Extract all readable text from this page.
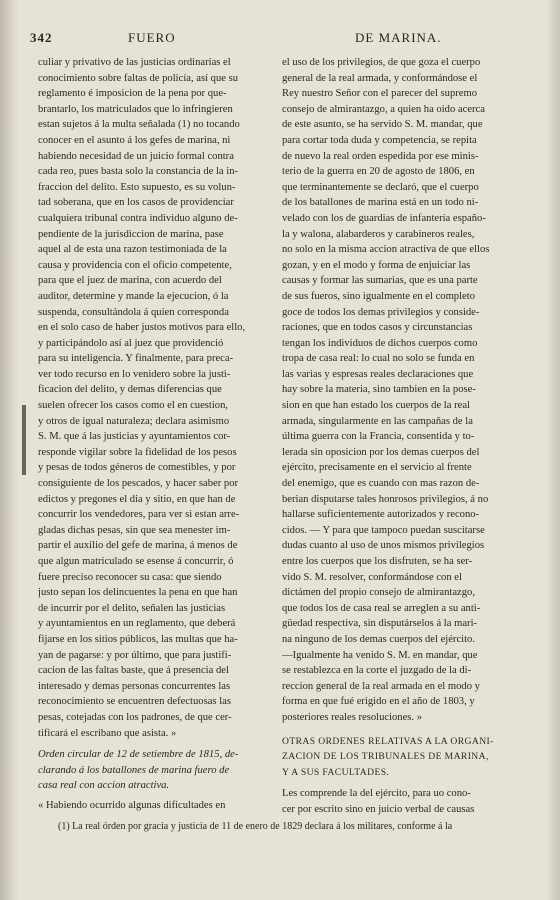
342	FUERO	DE MARINA.
culiar y privativo de las justicias ordinarias el
conocimiento sobre faltas de policía, así que su
reglamento é imposicion de la pena por que-
brantarlo, los matriculados que lo infringieren
estan sujetos á la multa señalada (1) no tocando
conocer en el asunto á los gefes de marina, ni
habiendo necesidad de un juicio formal contra
cada reo, pues basta solo la constancia de la in-
fraccion del delito. Esto supuesto, es su volun-
tad soberana, que en los casos de providenciar
cualquiera tribunal contra individuo alguno de-
pendiente de la jurisdiccion de marina, pase
aquel al de esta una razon testimoniada de la
causa y providencia con el oficio competente,
para que el juez de marina, con acuerdo del
auditor, determine y mande la ejecucion, ó la
suspenda, consultándola á quien corresponda
en el solo caso de haber justos motivos para ello,
y participándolo así al juez que providenció
para su inteligencia. Y finalmente, para preca-
ver todo recurso en lo venidero sobre la justi-
ficacion del delito, y demas diferencias que
suelen ofrecer los casos como el en cuestion,
y otros de igual naturaleza; declara asimismo
S. M. que á las justicias y ayuntamientos cor-
responde vigilar sobre la fidelidad de los pesos
y pesas de todos géneros de comestibles, y por
consiguiente de los pescados, y hacer saber por
edictos y pregones el dia y sitio, en que han de
concurrir los vendedores, para ver si estan arre-
gladas dichas pesas, sin que sea menester im-
partir el auxilio del gefe de marina, á menos de
que algun matriculado se esense á concurrir, ó
fuere preciso reconocer su casa: que siendo
justo sepan los delincuentes la pena en que han
de incurrir por el delito, señalen las justicias
y ayuntamientos en un reglamento, que deberá
fijarse en los sitios públicos, las multas que ha-
yan de pagarse: y por último, que para justifi-
cacion de las faltas baste, que á presencia del
interesado y demas personas concurrentes las
reconocimiento se encuentren defectuosas las
pesas, cotejadas con los padrones, de que cer-
tificará el escribano que asista. »
Orden circular de 12 de setiembre de 1815, de-
clarando á los batallones de marina fuero de
casa real con accion atractiva.
« Habiendo ocurrido algunas dificultades en
el uso de los privilegios, de que goza el cuerpo
general de la real armada, y conformándose el
Rey nuestro Señor con el parecer del supremo
consejo de almirantazgo, a quien ha oido acerca
de este asunto, se ha servido S. M. mandar, que
para cortar toda duda y competencia, se repita
de nuevo la real orden espedida por ese minis-
terio de la guerra en 20 de agosto de 1806, en
que terminantemente se declaró, que el cuerpo
de los batallones de marina está en un todo ni-
velado con los de guardias de infantería españo-
la y walona, alabarderos y carabineros reales,
no solo en la misma accion atractiva de que ellos
gozan, y en el modo y forma de enjuiciar las
causas y formar las sumarias, que es una parte
de sus fueros, sino igualmente en el completo
goce de todos los demas privilegios y conside-
raciones, que en todos casos y circunstancias
tengan los individuos de dichos cuerpos como
tropa de casa real: lo cual no solo se funda en
las varias y espresas reales declaraciones que
hay sobre la materia, sino tambien en la pose-
sion en que han estado los cuerpos de la real
armada, singularmente en las campañas de la
última guerra con la Francia, consentida y to-
lerada sin oposicion por los demas cuerpos del
ejército, precisamente en el servicio al frente
del enemigo, que es cuando con mas razon de-
berian disputarse tales honrosos privilegios, á no
hallarse suficientemente autorizados y recono-
cidos. — Y para que tampoco puedan suscitarse
dudas cuanto al uso de unos mismos privilegios
entre los cuerpos que los disfruten, se ha ser-
vido S. M. resolver, conformándose con el
dictámen del propio consejo de almirantazgo,
que todos los de casa real se arreglen a su anti-
güedad respectiva, sin disputárselos á la mari-
na ninguno de los demas cuerpos del ejército.
—Igualmente ha venido S. M. en mandar, que
se restablezca en la corte el juzgado de la di-
reccion general de la real armada en el modo y
forma en que fué erigido en el año de 1803, y
posteriores reales resoluciones. »
OTRAS ORDENES RELATIVAS A LA ORGANI-
ZACION DE LOS TRIBUNALES DE MARINA,
Y A SUS FACULTADES.
Les comprende la del ejército, para uo cono-
cer por escrito sino en juicio verbal de causas
(1) La real órden por gracia y justicia de 11 de enero de 1829 declara á los militares, conforme á la
